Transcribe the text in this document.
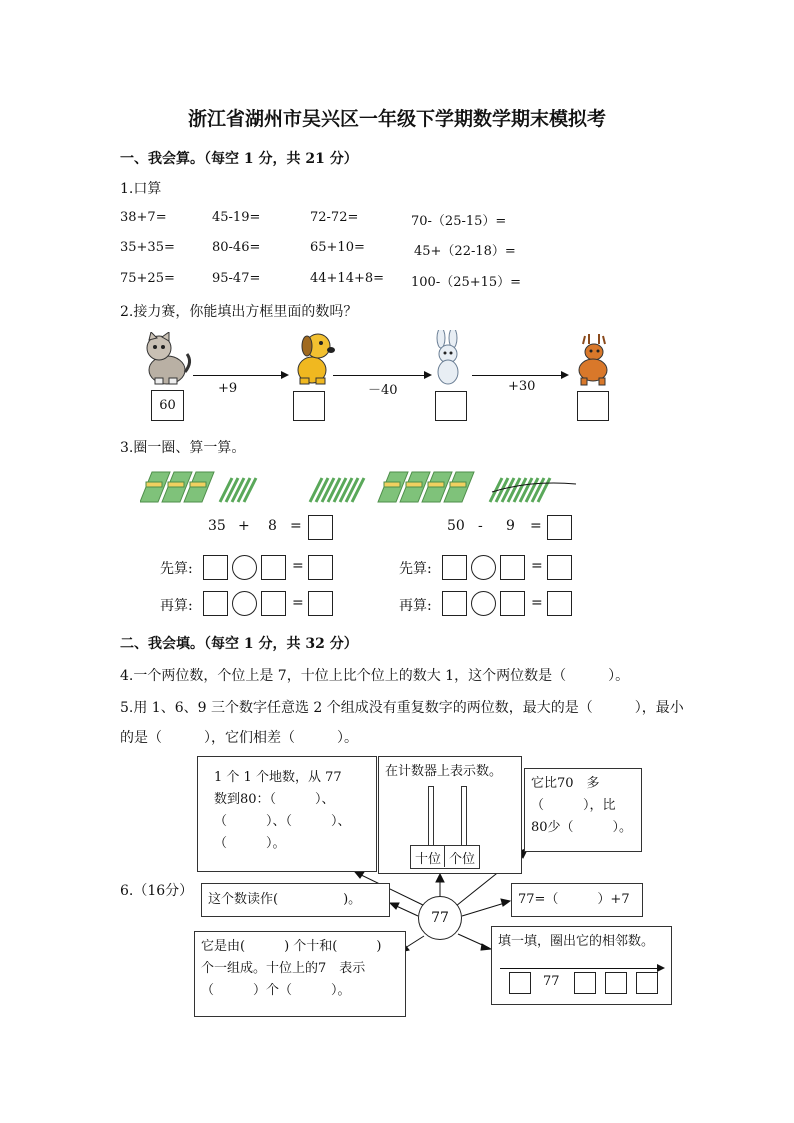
浙江省湖州市吴兴区一年级下学期数学期末模拟考
一、我会算。（每空 1 分，共 21 分）
1.口算
38+7=	45-19=	72-72=	70-（25-15）=
35+35=	80-46=	65+10=	45+（22-18）=
75+25=	95-47=	44+14+8= 100-（25+15）=
2.接力赛，你能填出方框里面的数吗？
+9	－40	+30
60
3.圈一圈、算一算。
35 + 8 =
先算:	=
再算:	=
50 - 9 =
先算:	=
再算:	=
二、我会填。（每空 1 分，共 32 分）
4.一个两位数，个位上是 7，十位上比个位上的数大 1，这个两位数是（　　　）。
5.用 1、6、9 三个数字任意选 2 个组成没有重复数字的两位数，最大的是（　　　），最小
的是（　　　），它们相差（　　　）。
6.（16分）
1 个 1 个地数，从 77
数到80：（　　　）、
（　　　）、（　　　）、
（　　　）。
在计数器上表示数。
十位 个位
它比70　多
（　　　），比
80少（　　　）。
这个数读作(　　　　　)。
77
77=（　　　）+7
它是由(　　　) 个十和(　　　)
个一组成。十位上的7　表示
（　　　）个（　　　）。
填一填，圈出它的相邻数。
77
